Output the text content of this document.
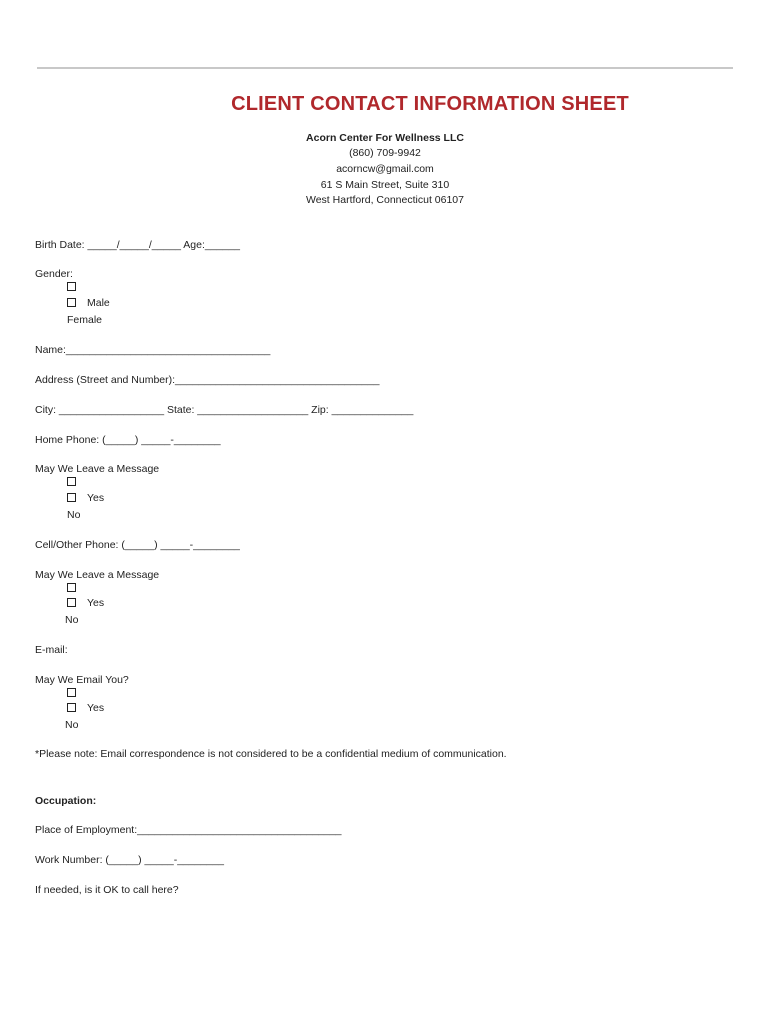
CLIENT CONTACT INFORMATION SHEET
Acorn Center For Wellness LLC
(860) 709-9942
acorncw@gmail.com
61 S Main Street, Suite 310
West Hartford, Connecticut 06107
Birth Date: _____/_____/_____ Age:______
Gender:
Male
Female
Name:___________________________________
Address (Street and Number):___________________________________
City: __________________ State: ___________________ Zip: ______________
Home Phone: (_____) _____-________
May We Leave a Message
Yes
No
Cell/Other Phone: (_____) _____-________
May We Leave a Message
Yes
No
E-mail:
May We Email You?
Yes
No
*Please note: Email correspondence is not considered to be a confidential medium of communication.
Occupation:
Place of Employment:___________________________________
Work Number: (_____) _____-________
If needed, is it OK to call here?
